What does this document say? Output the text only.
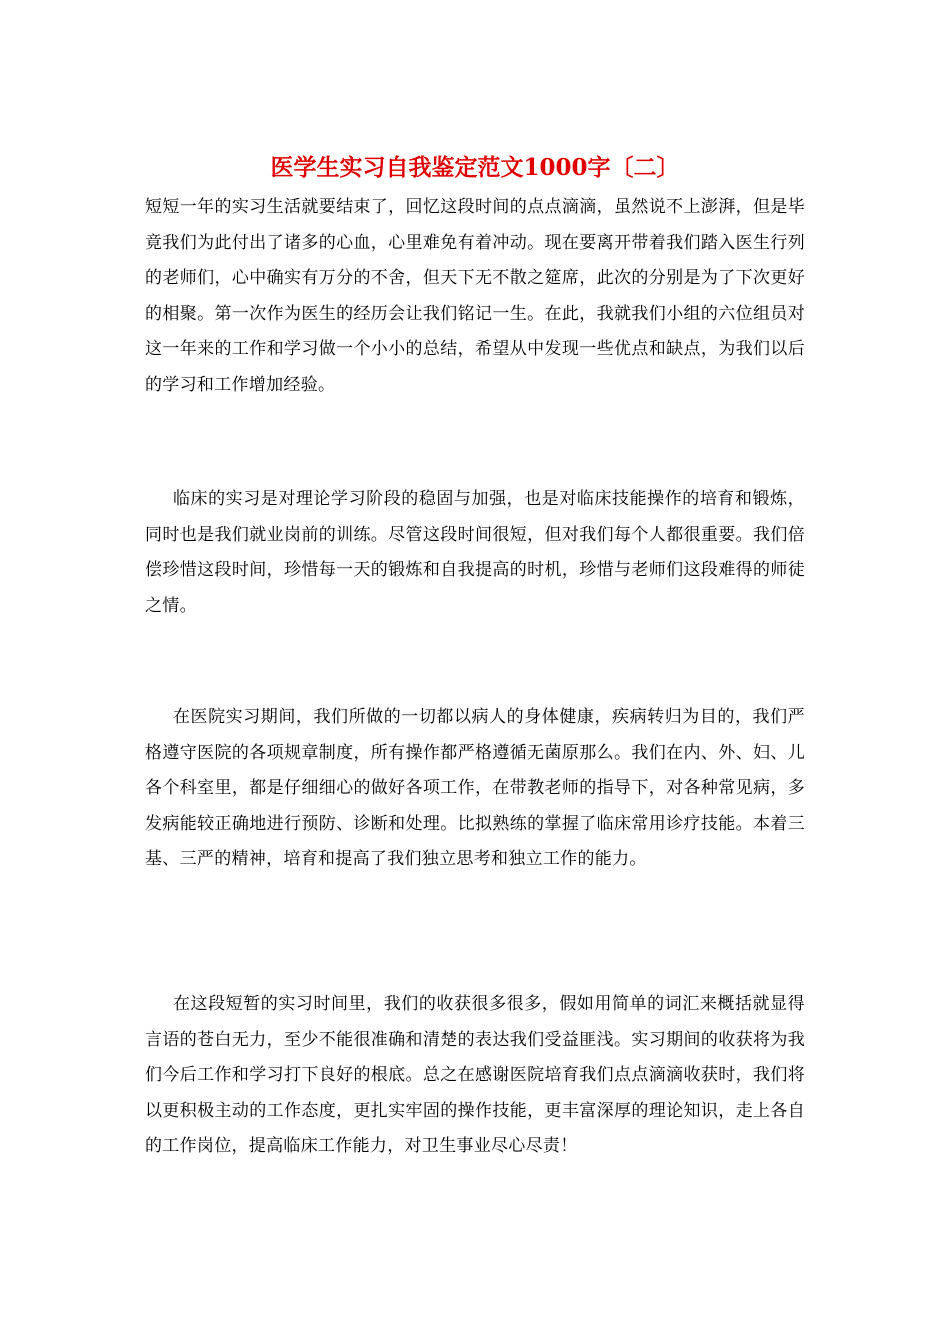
医学生实习自我鉴定范文1000字〔二〕

短短一年的实习生活就要结束了，回忆这段时间的点点滴滴，虽然说不上澎湃，但是毕竟我们为此付出了诸多的心血，心里难免有着冲动。现在要离开带着我们踏入医生行列的老师们，心中确实有万分的不舍，但天下无不散之筵席，此次的分别是为了下次更好的相聚。第一次作为医生的经历会让我们铭记一生。在此，我就我们小组的六位组员对这一年来的工作和学习做一个小小的总结，希望从中发现一些优点和缺点，为我们以后的学习和工作增加经验。

临床的实习是对理论学习阶段的稳固与加强，也是对临床技能操作的培育和锻炼，同时也是我们就业岗前的训练。尽管这段时间很短，但对我们每个人都很重要。我们倍偿珍惜这段时间，珍惜每一天的锻炼和自我提高的时机，珍惜与老师们这段难得的师徒之情。

在医院实习期间，我们所做的一切都以病人的身体健康，疾病转归为目的，我们严格遵守医院的各项规章制度，所有操作都严格遵循无菌原那么。我们在内、外、妇、儿各个科室里，都是仔细细心的做好各项工作，在带教老师的指导下，对各种常见病，多发病能较正确地进行预防、诊断和处理。比拟熟练的掌握了临床常用诊疗技能。本着三基、三严的精神，培育和提高了我们独立思考和独立工作的能力。

在这段短暂的实习时间里，我们的收获很多很多，假如用简单的词汇来概括就显得言语的苍白无力，至少不能很准确和清楚的表达我们受益匪浅。实习期间的收获将为我们今后工作和学习打下良好的根底。总之在感谢医院培育我们点点滴滴收获时，我们将以更积极主动的工作态度，更扎实牢固的操作技能，更丰富深厚的理论知识，走上各自的工作岗位，提高临床工作能力，对卫生事业尽心尽责！
